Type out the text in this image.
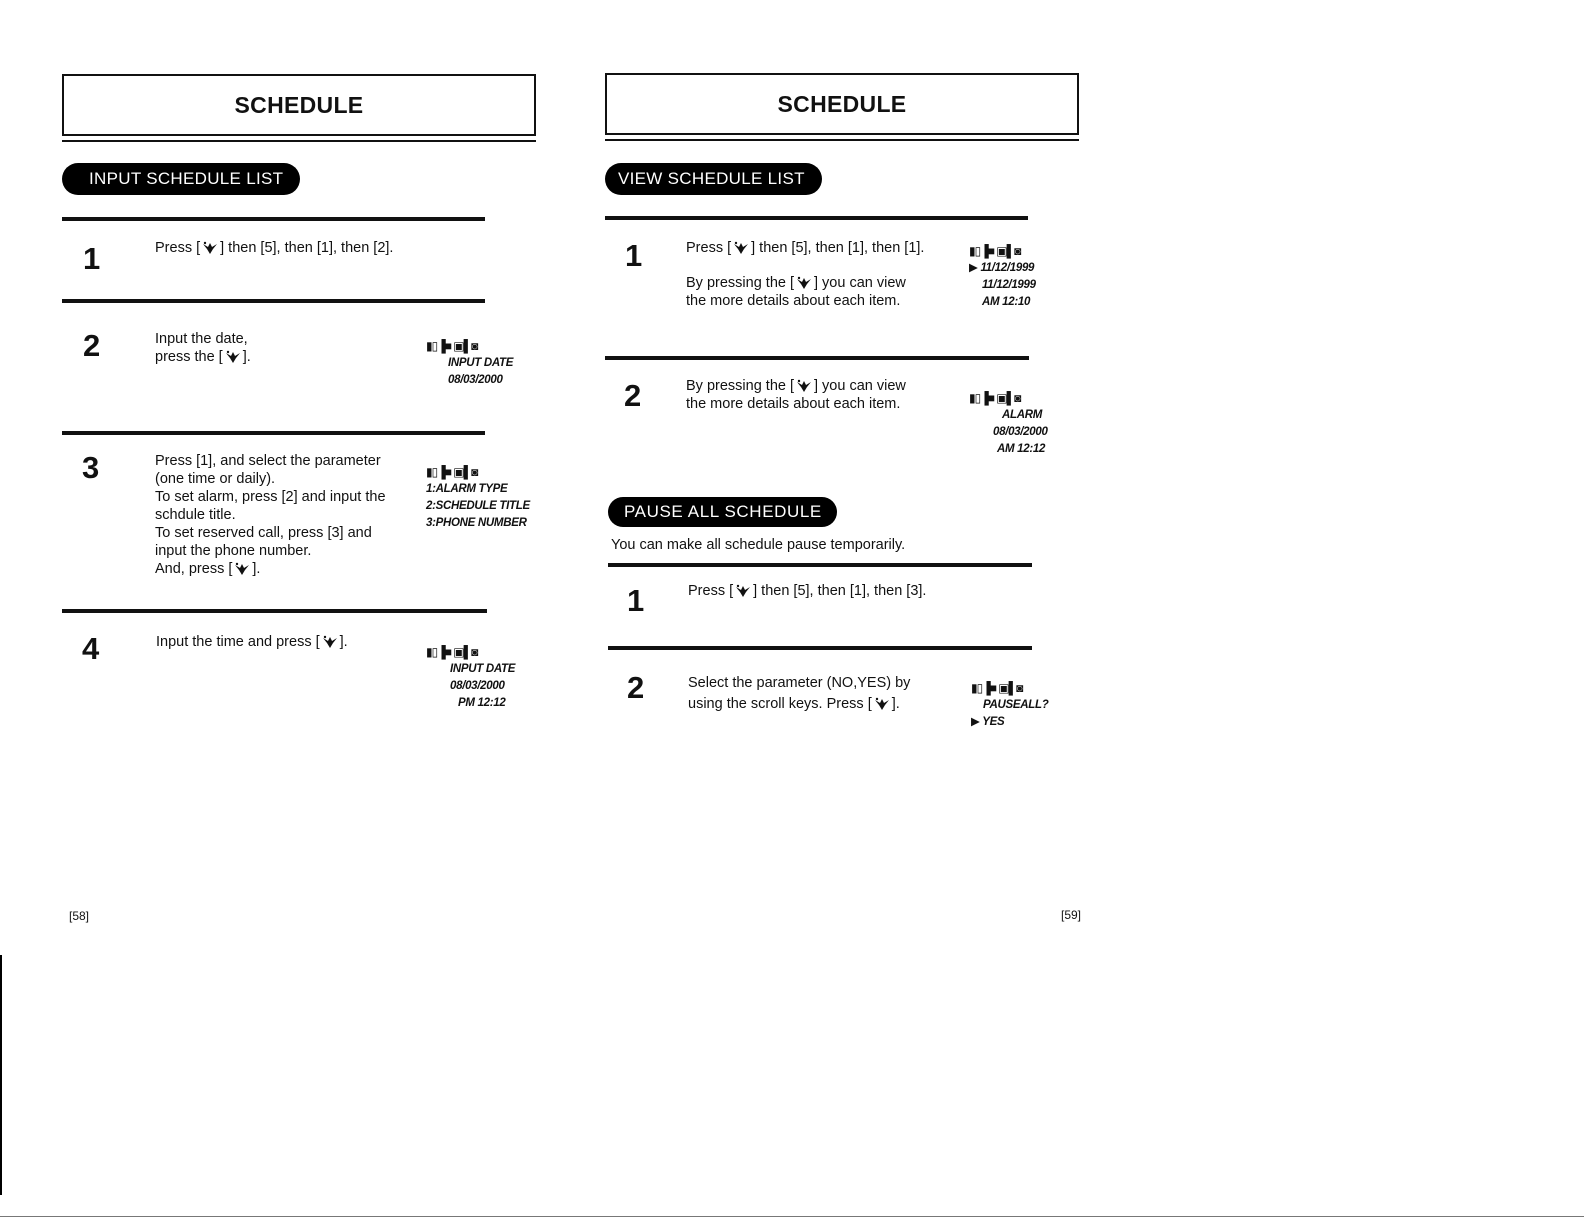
SCHEDULE
INPUT SCHEDULE LIST
1	Press [ ] then [5], then [1], then [2].
2	Input the date,
press the [ ].
▮▯▐■ ▣▌◙
INPUT DATE
08/03/2000
3	Press [1], and select the parameter
(one time or daily).
To set alarm, press [2] and input the
schdule title.
To set reserved call, press [3] and
input the phone number.
And, press [ ].
▮▯▐■ ▣▌◙
1:ALARM TYPE
2:SCHEDULE TITLE
3:PHONE NUMBER
4	Input the time and press [ ].
▮▯▐■ ▣▌◙
INPUT DATE
08/03/2000
PM 12:12
[58]
SCHEDULE
VIEW SCHEDULE LIST
1	Press [ ] then [5], then [1], then [1].
By pressing the [ ] you can view
the more details about each item.
▮▯▐■ ▣▌◙
▶ 11/12/1999
11/12/1999
AM 12:10
2	By pressing the [ ] you can view
the more details about each item.	▮▯▐■ ▣▌◙
ALARM
08/03/2000
AM 12:12
PAUSE ALL SCHEDULE
You can make all schedule pause temporarily.
1	Press [ ] then [5], then [1], then [3].
2	Select the parameter (NO,YES) by
using the scroll keys. Press [ ].
▮▯▐■ ▣▌◙
PAUSEALL?
▶ YES
[59]
